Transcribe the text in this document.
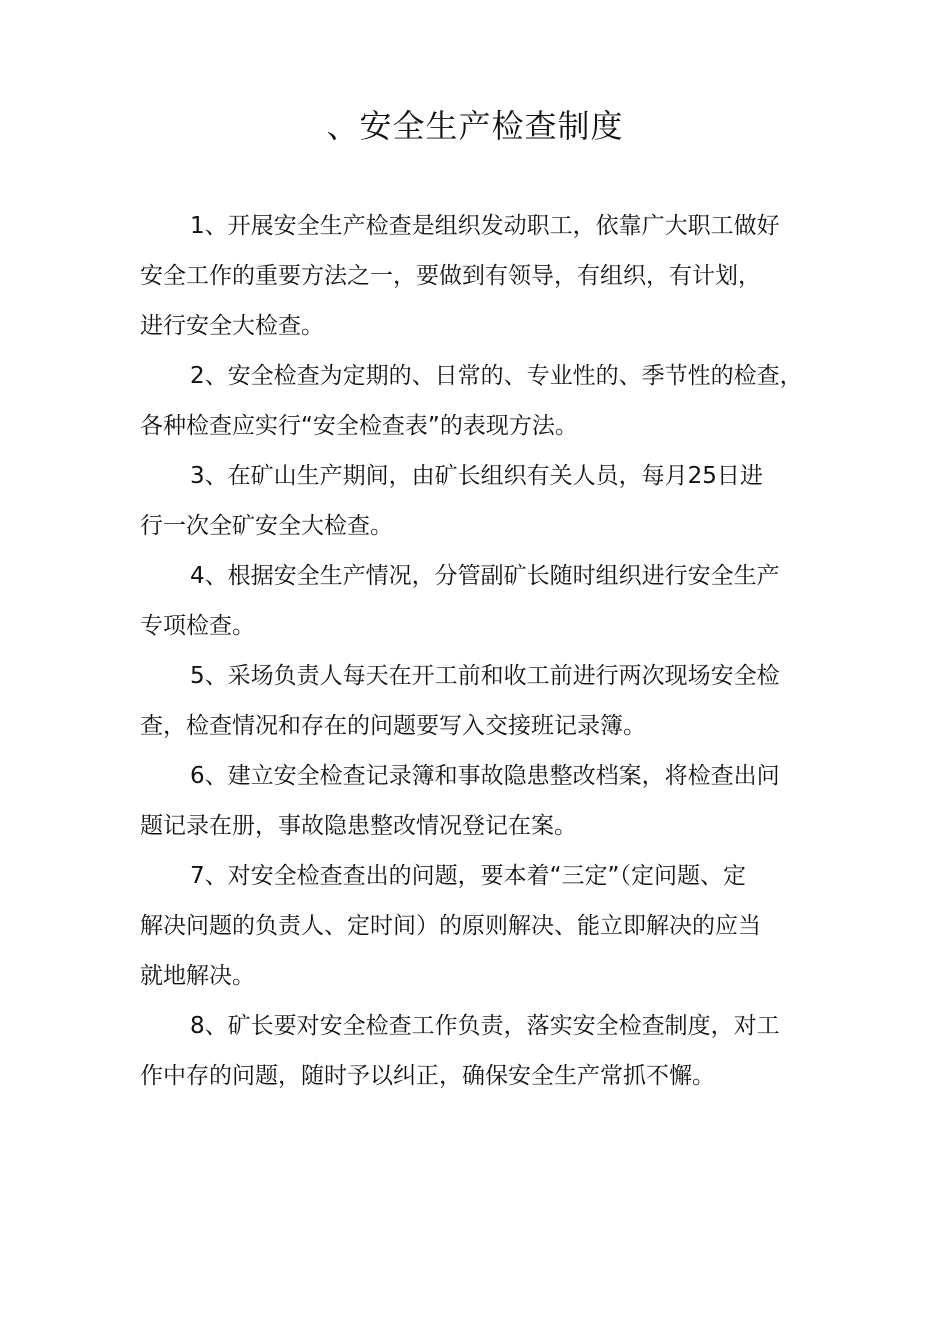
、安全生产检查制度
1、开展安全生产检查是组织发动职工，依靠广大职工做好
安全工作的重要方法之一，要做到有领导，有组织，有计划，
进行安全大检查。
2、安全检查为定期的、日常的、专业性的、季节性的检查，
各种检查应实行“安全检查表”的表现方法。
3、在矿山生产期间，由矿长组织有关人员，每月25日进
行一次全矿安全大检查。
4、根据安全生产情况，分管副矿长随时组织进行安全生产
专项检查。
5、采场负责人每天在开工前和收工前进行两次现场安全检
查，检查情况和存在的问题要写入交接班记录簿。
6、建立安全检查记录簿和事故隐患整改档案，将检查出问
题记录在册，事故隐患整改情况登记在案。
7、对安全检查查出的问题，要本着“三定”（定问题、定
解决问题的负责人、定时间）的原则解决、能立即解决的应当
就地解决。
8、矿长要对安全检查工作负责，落实安全检查制度，对工
作中存的问题，随时予以纠正，确保安全生产常抓不懈。
